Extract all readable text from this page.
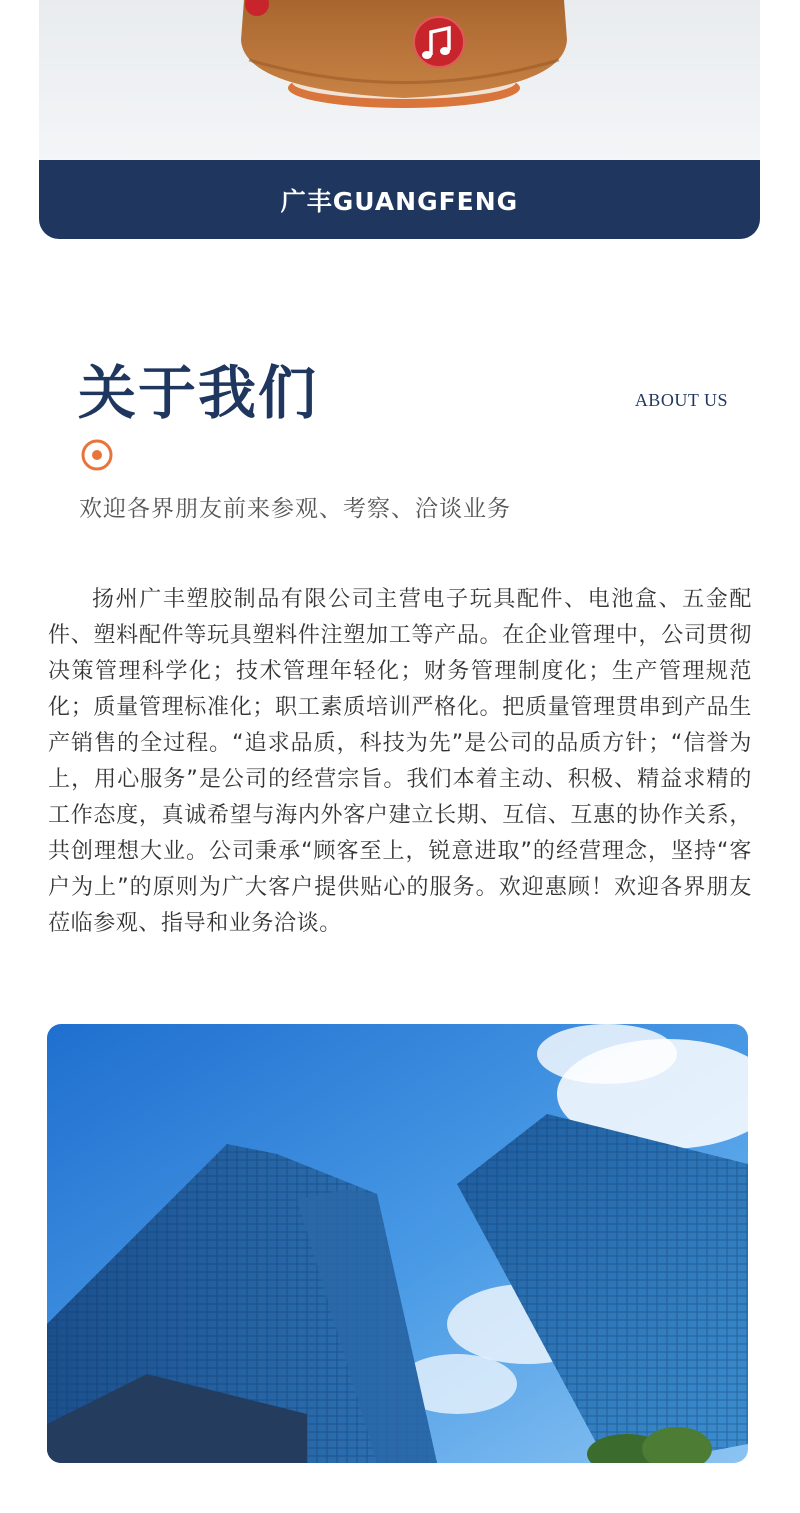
广丰GUANGFENG
关于我们	ABOUT US
欢迎各界朋友前来参观、考察、洽谈业务

扬州广丰塑胶制品有限公司主营电子玩具配件、电池盒、五金配件、塑料配件等玩具塑料件注塑加工等产品。在企业管理中，公司贯彻决策管理科学化；技术管理年轻化；财务管理制度化；生产管理规范化；质量管理标准化；职工素质培训严格化。把质量管理贯串到产品生产销售的全过程。“追求品质，科技为先”是公司的品质方针；“信誉为上，用心服务”是公司的经营宗旨。我们本着主动、积极、精益求精的工作态度，真诚希望与海内外客户建立长期、互信、互惠的协作关系，共创理想大业。公司秉承“顾客至上，锐意进取”的经营理念，坚持“客户为上”的原则为广大客户提供贴心的服务。欢迎惠顾！欢迎各界朋友莅临参观、指导和业务洽谈。
